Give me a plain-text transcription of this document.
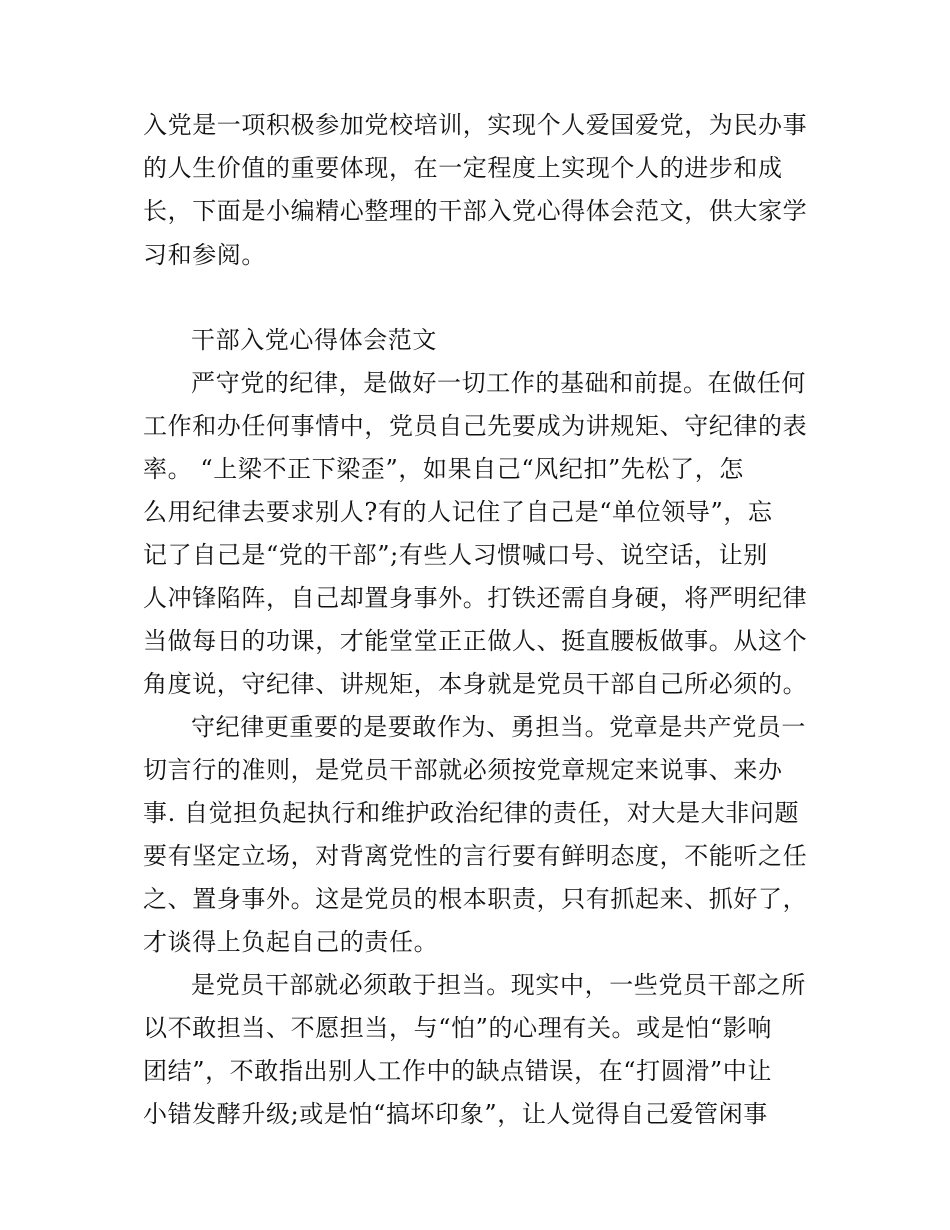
入党是一项积极参加党校培训，实现个人爱国爱党，为民办事
的人生价值的重要体现，在一定程度上实现个人的进步和成
长，下面是小编精心整理的干部入党心得体会范文，供大家学
习和参阅。
干部入党心得体会范文
严守党的纪律，是做好一切工作的基础和前提。在做任何
工作和办任何事情中，党员自己先要成为讲规矩、守纪律的表
率。 “上梁不正下梁歪”，如果自己“风纪扣”先松了，怎
么用纪律去要求别人?有的人记住了自己是“单位领导”，忘
记了自己是“党的干部”;有些人习惯喊口号、说空话，让别
人冲锋陷阵，自己却置身事外。打铁还需自身硬，将严明纪律
当做每日的功课，才能堂堂正正做人、挺直腰板做事。从这个
角度说，守纪律、讲规矩，本身就是党员干部自己所必须的。
守纪律更重要的是要敢作为、勇担当。党章是共产党员一
切言行的准则，是党员干部就必须按党章规定来说事、来办
事. 自觉担负起执行和维护政治纪律的责任，对大是大非问题
要有坚定立场，对背离党性的言行要有鲜明态度，不能听之任
之、置身事外。这是党员的根本职责，只有抓起来、抓好了，
才谈得上负起自己的责任。
是党员干部就必须敢于担当。现实中，一些党员干部之所
以不敢担当、不愿担当，与“怕”的心理有关。或是怕“影响
团结”，不敢指出别人工作中的缺点错误，在“打圆滑”中让
小错发酵升级;或是怕“搞坏印象”，让人觉得自己爱管闲事
